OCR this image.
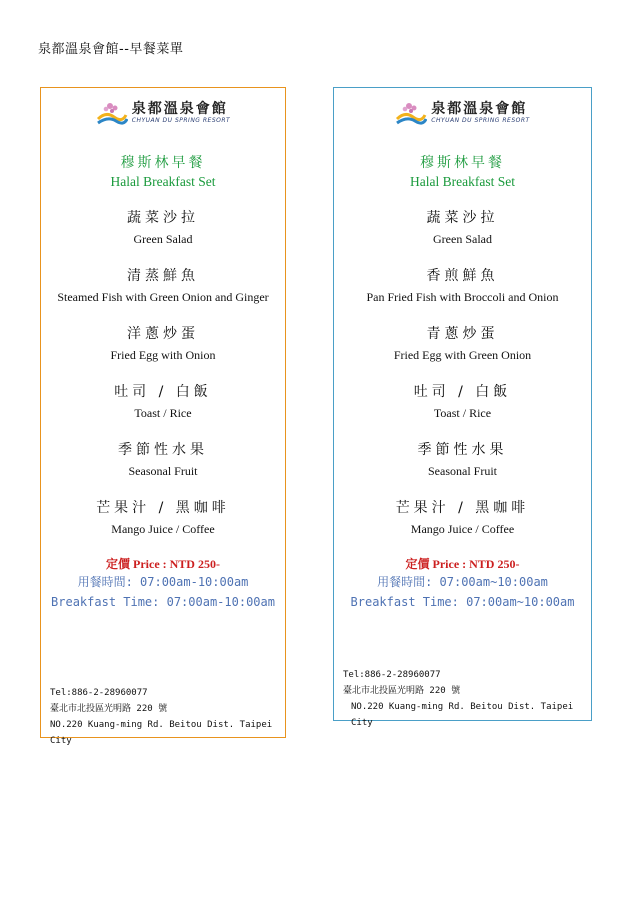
泉都溫泉會館--早餐菜單
泉都溫泉會館
CHYUAN DU SPRING RESORT
穆斯林早餐
Halal Breakfast Set
蔬菜沙拉
Green Salad
清蒸鮮魚
Steamed Fish with Green Onion and Ginger
洋蔥炒蛋
Fried Egg with Onion
吐司 / 白飯
Toast / Rice
季節性水果
Seasonal Fruit
芒果汁 / 黑咖啡
Mango Juice / Coffee
定價 Price : NTD 250-
用餐時間: 07:00am-10:00am
Breakfast Time: 07:00am-10:00am
Tel:886-2-28960077
臺北市北投區光明路 220 號
NO.220 Kuang-ming Rd. Beitou Dist. Taipei City
泉都溫泉會館
CHYUAN DU SPRING RESORT
穆斯林早餐
Halal Breakfast Set
蔬菜沙拉
Green Salad
香煎鮮魚
Pan Fried Fish with Broccoli and Onion
青蔥炒蛋
Fried Egg with Green Onion
吐司 / 白飯
Toast / Rice
季節性水果
Seasonal Fruit
芒果汁 / 黑咖啡
Mango Juice / Coffee
定價 Price : NTD 250-
用餐時間: 07:00am~10:00am
Breakfast Time: 07:00am~10:00am
Tel:886-2-28960077
臺北市北投區光明路 220 號
NO.220 Kuang-ming Rd. Beitou Dist. Taipei City
